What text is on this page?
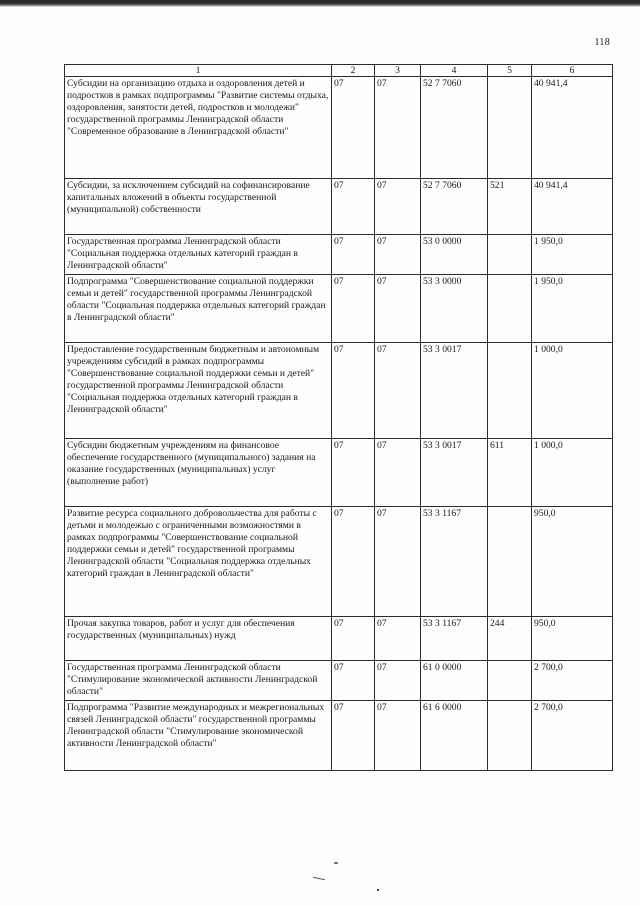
118
1	2	3	4	5	6
Субсидии на организацию отдыха и оздоровления детей и подростков в рамках подпрограммы "Развитие системы отдыха, оздоровления, занятости детей, подростков и молодежи" государственной программы Ленинградской области "Современное образование в Ленинградской области"	07	07	52 7 7060		40 941,4
Субсидии, за исключением субсидий на софинансирование капитальных вложений в объекты государственной (муниципальной) собственности	07	07	52 7 7060	521	40 941,4
Государственная программа Ленинградской области "Социальная поддержка отдельных категорий граждан в Ленинградской области"	07	07	53 0 0000		1 950,0
Подпрограмма "Совершенствование социальной поддержки семьи и детей" государственной программы Ленинградской области "Социальная поддержка отдельных категорий граждан в Ленинградской области"	07	07	53 3 0000		1 950,0
Предоставление государственным бюджетным и автономным учреждениям субсидий в рамках подпрограммы "Совершенствование социальной поддержки семьи и детей" государственной программы Ленинградской области "Социальная поддержка отдельных категорий граждан в Ленинградской области"	07	07	53 3 0017		1 000,0
Субсидии бюджетным учреждениям на финансовое обеспечение государственного (муниципального) задания на оказание государственных (муниципальных) услуг (выполнение работ)	07	07	53 3 0017	611	1 000,0
Развитие ресурса социального добровольчества для работы с детьми и молодежью с ограниченными возможностями в рамках подпрограммы "Совершенствование социальной поддержки семьи и детей" государственной программы Ленинградской области "Социальная поддержка отдельных категорий граждан в Ленинградской области"	07	07	53 3 1167		950,0
Прочая закупка товаров, работ и услуг для обеспечения государственных (муниципальных) нужд	07	07	53 3 1167	244	950,0
Государственная программа Ленинградской области "Стимулирование экономической активности Ленинградской области"	07	07	61 0 0000		2 700,0
Подпрограмма "Развитие международных и межрегиональных связей Ленинградской области" государственной программы Ленинградской области "Стимулирование экономической активности Ленинградской области"	07	07	61 6 0000		2 700,0
